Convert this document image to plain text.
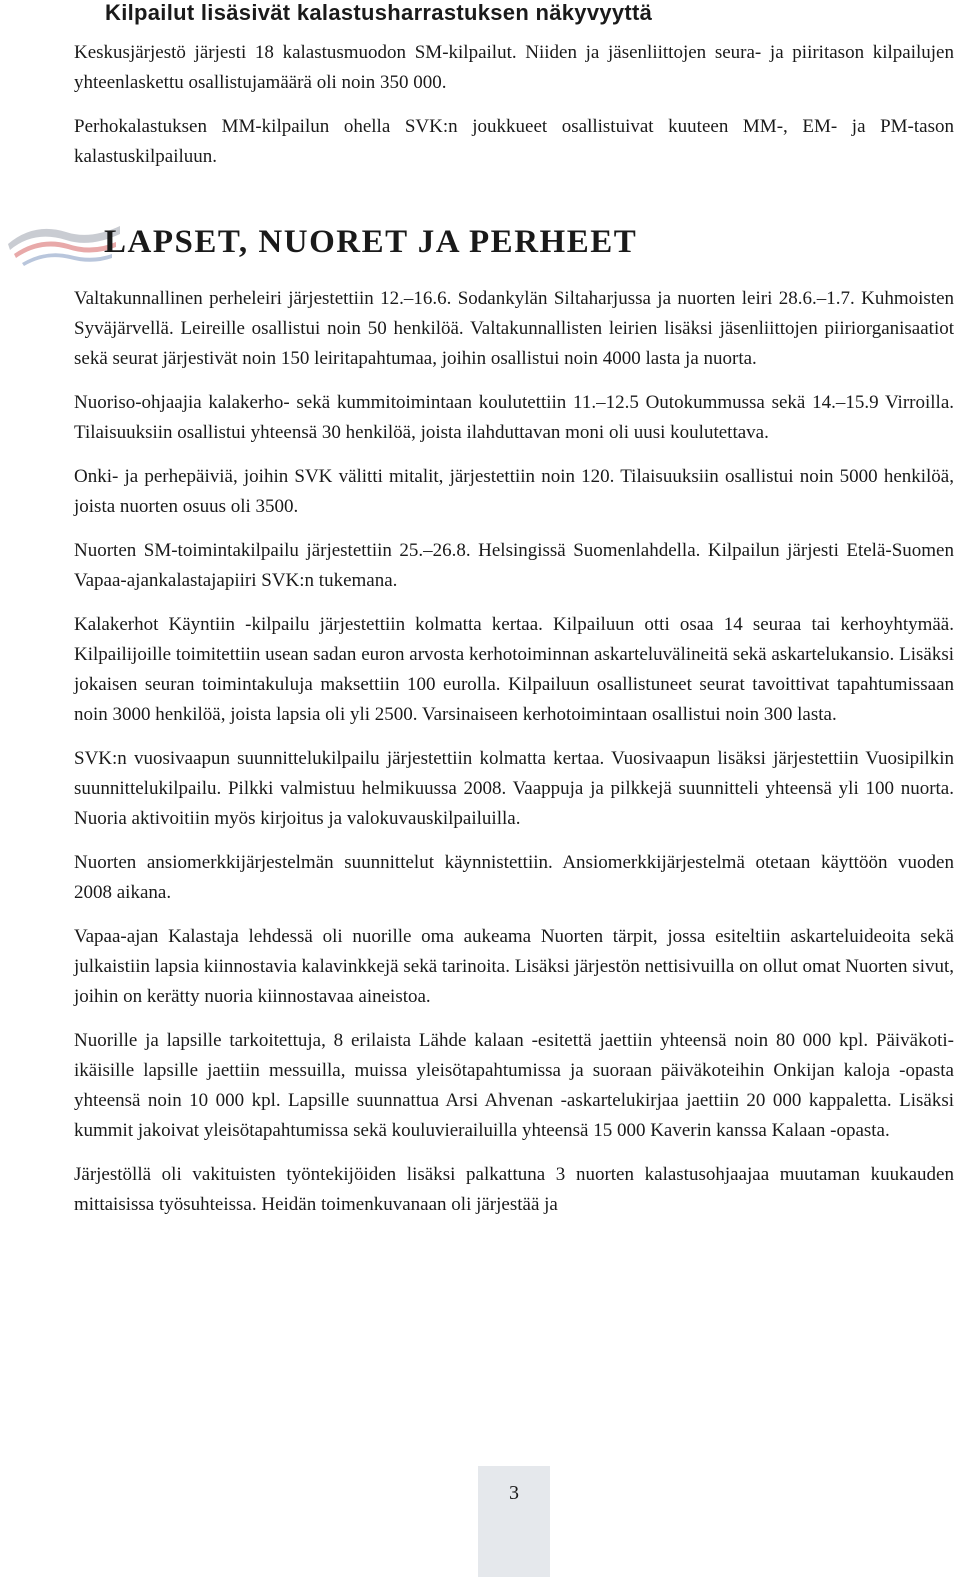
Kilpailut lisäsivät kalastusharrastuksen näkyvyyttä

Keskusjärjestö järjesti 18 kalastusmuodon SM-kilpailut. Niiden ja jäsenliittojen seura- ja piiritason kilpailujen yhteenlaskettu osallistujamäärä oli noin 350 000.

Perhokalastuksen MM-kilpailun ohella SVK:n joukkueet osallistuivat kuuteen MM-, EM- ja PM-tason kalastuskilpailuun.

LAPSET, NUORET JA PERHEET

Valtakunnallinen perheleiri järjestettiin 12.–16.6. Sodankylän Siltaharjussa ja nuorten leiri 28.6.–1.7. Kuhmoisten Syväjärvellä. Leireille osallistui noin 50 henkilöä. Valtakunnallisten leirien lisäksi jäsenliittojen piiriorganisaatiot sekä seurat järjestivät noin 150 leiritapahtumaa, joihin osallistui noin 4000 lasta ja nuorta.

Nuoriso-ohjaajia kalakerho- sekä kummitoimintaan koulutettiin 11.–12.5 Outokummussa sekä 14.–15.9 Virroilla. Tilaisuuksiin osallistui yhteensä 30 henkilöä, joista ilahduttavan moni oli uusi koulutettava.

Onki- ja perhepäiviä, joihin SVK välitti mitalit, järjestettiin noin 120. Tilaisuuksiin osallistui noin 5000 henkilöä, joista nuorten osuus oli 3500.

Nuorten SM-toimintakilpailu järjestettiin 25.–26.8. Helsingissä Suomenlahdella. Kilpailun järjesti Etelä-Suomen Vapaa-ajankalastajapiiri SVK:n tukemana.

Kalakerhot Käyntiin -kilpailu järjestettiin kolmatta kertaa. Kilpailuun otti osaa 14 seuraa tai kerhoyhtymää. Kilpailijoille toimitettiin usean sadan euron arvosta kerhotoiminnan askarteluvälineitä sekä askartelukansio. Lisäksi jokaisen seuran toimintakuluja maksettiin 100 eurolla. Kilpailuun osallistuneet seurat tavoittivat tapahtumissaan noin 3000 henkilöä, joista lapsia oli yli 2500. Varsinaiseen kerhotoimintaan osallistui noin 300 lasta.

SVK:n vuosivaapun suunnittelukilpailu järjestettiin kolmatta kertaa. Vuosivaapun lisäksi järjestettiin Vuosipilkin suunnittelukilpailu. Pilkki valmistuu helmikuussa 2008. Vaappuja ja pilkkejä suunnitteli yhteensä yli 100 nuorta. Nuoria aktivoitiin myös kirjoitus ja valokuvauskilpailuilla.

Nuorten ansiomerkkijärjestelmän suunnittelut käynnistettiin. Ansiomerkkijärjestelmä otetaan käyttöön vuoden 2008 aikana.

Vapaa-ajan Kalastaja lehdessä oli nuorille oma aukeama Nuorten tärpit, jossa esiteltiin askarteluideoita sekä julkaistiin lapsia kiinnostavia kalavinkkejä sekä tarinoita. Lisäksi järjestön nettisivuilla on ollut omat Nuorten sivut, joihin on kerätty nuoria kiinnostavaa aineistoa.

Nuorille ja lapsille tarkoitettuja, 8 erilaista Lähde kalaan -esitettä jaettiin yhteensä noin 80 000 kpl. Päiväkoti-ikäisille lapsille jaettiin messuilla, muissa yleisötapahtumissa ja suoraan päiväkoteihin Onkijan kaloja -opasta yhteensä noin 10 000 kpl. Lapsille suunnattua Arsi Ahvenan -askartelukirjaa jaettiin 20 000 kappaletta. Lisäksi kummit jakoivat yleisötapahtumissa sekä kouluvierailuilla yhteensä 15 000 Kaverin kanssa Kalaan -opasta.

Järjestöllä oli vakituisten työntekijöiden lisäksi palkattuna 3 nuorten kalastusohjaajaa muutaman kuukauden mittaisissa työsuhteissa. Heidän toimenkuvanaan oli järjestää ja

3
